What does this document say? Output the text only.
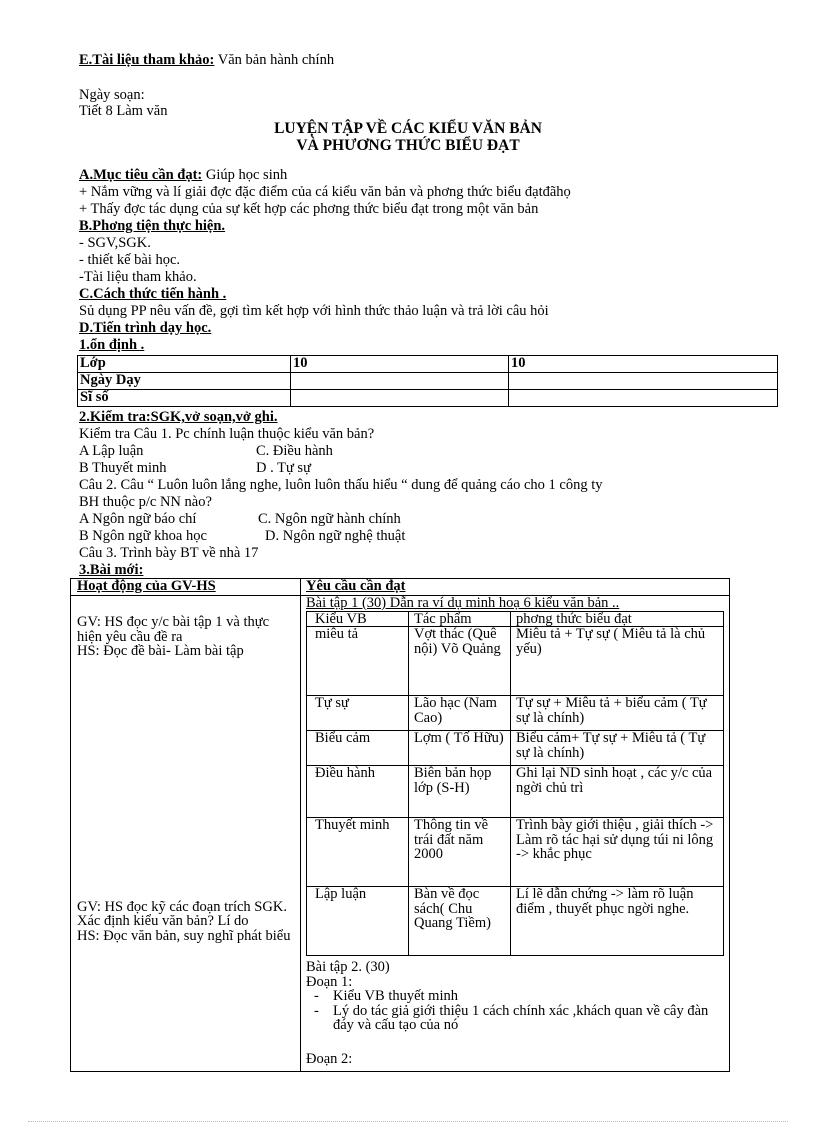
E.Tài liệu tham khảo: Văn bản hành chính
Ngày soạn:
Tiết 8 Làm văn
LUYỆN TẬP VỀ CÁC KIỂU VĂN BẢN
VÀ PHƯƠNG THỨC BIỂU ĐẠT
A.Mục tiêu cần đạt: Giúp học sinh
+ Nắm vững và lí giải đợc đặc điểm của cá kiểu văn bản và phơng thức biểu đạtđãhọ
+ Thấy đợc tác dụng của sự kết hợp các phơng thức biểu đạt trong một văn bản
B.Phơng tiện thực hiện.
- SGV,SGK.
- thiết kế bài học.
-Tài liệu tham khảo.
C.Cách thức tiến hành .
Sủ dụng PP nêu vấn đề, gợi tìm kết hợp với hình thức thảo luận và trả lời câu hỏi
D.Tiến trình dạy học.
1.ổn định .
Lớp	10	10
Ngày Dạy		
Sĩ số		
2.Kiểm tra:SGK,vở soạn,vở ghi.
Kiểm tra Câu 1. Pc chính luận thuộc kiểu văn bản?
A Lập luận	C. Điều hành
B Thuyết minh	D . Tự sự
Câu 2. Câu “ Luôn luôn lắng nghe, luôn luôn thấu hiểu “ dung để quảng cáo cho 1 công ty
BH thuộc p/c NN nào?
A Ngôn ngữ báo chí	C. Ngôn ngữ hành chính
B Ngôn ngữ khoa học	D. Ngôn ngữ nghệ thuật
Câu 3. Trình bày BT về nhà 17
3.Bài mới:
Hoạt động của GV-HS	Yêu cầu cần đạt

GV: HS đọc y/c bài tập 1 và thực hiện yêu cầu đề ra
HS: Đọc đề bài- Làm bài tập
GV: HS đọc kỹ các đoạn trích SGK. Xác định kiểu văn bản? Lí do
HS: Đọc văn bản, suy nghĩ phát biểu

Bài tập 1 (30) Dẫn ra ví dụ minh hoạ 6 kiểu văn bản ..
Kiểu VB	Tác phẩm	phơng thức biểu đạt
miêu tả	Vợt thác (Quê nội) Võ Quảng	Miêu tả + Tự sự ( Miêu tả là chủ yếu)
Tự sự	Lão hạc (Nam Cao)	Tự sự + Miêu tả + biểu cảm ( Tự sự là chính)
Biểu cảm	Lợm ( Tố Hữu)	Biểu cảm+ Tự sự + Miêu tả ( Tự sự là chính)
Điều hành	Biên bản họp lớp (S-H)	Ghi lại ND sinh hoạt , các y/c của ngời chủ trì
Thuyết minh	Thông tin về trái đất năm 2000	Trình bày giới thiệu , giải thích -> Làm rõ tác hại sử dụng túi ni lông -> khắc phục
Lập luận	Bàn về đọc sách( Chu Quang Tiềm)	Lí lẽ dẫn chứng -> làm rõ luận điểm , thuyết phục ngời nghe.
Bài tập 2. (30)
Đoạn 1:
- Kiểu VB thuyết minh
- Lý do tác giả giới thiệu 1 cách chính xác ,khách quan về cây đàn đáy và cấu tạo của nó
Đoạn 2:
